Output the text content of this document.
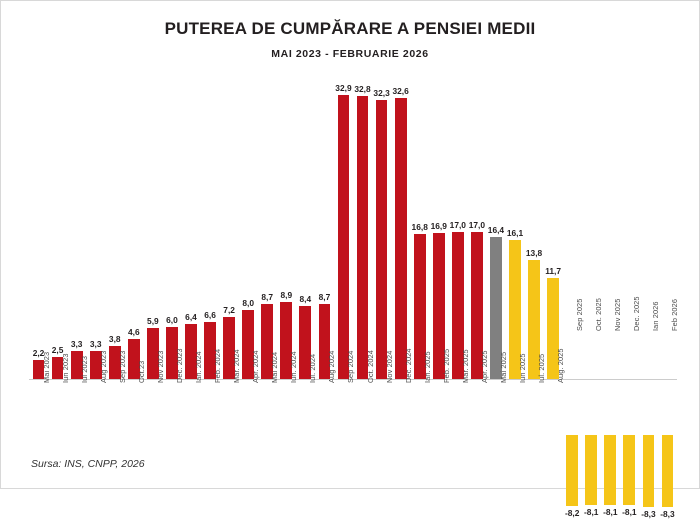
PUTEREA DE CUMPĂRARE A PENSIEI MEDII
MAI 2023 - FEBRUARIE 2026
2,2
Mai 2023
2,5
Iun 2023
3,3
Iul 2023
3,3
Aug 2023
3,8
Sep 2023
4,6
Oct.23
5,9
Nov 2023
6,0
Dec. 2023
6,4
Ian. 2024
6,6
Feb. 2024
7,2
Mar. 2024
8,0
Apr. 2024
8,7
Mai 2024
8,9
Iun. 2024
8,4
Iul. 2024
8,7
Aug 2024
32,9
Sep 2024
32,8
Oct. 2024
32,3
Nov 2024
32,6
Dec. 2024
16,8
Ian. 2025
16,9
Feb. 2025
17,0
Mar. 2025
17,0
Apr. 2025
16,4
Mai 2025
16,1
Iun 2025
13,8
Iul. 2025
11,7
Aug. 2025
-8,2
Sep 2025
-8,1
Oct. 2025
-8,1
Nov 2025
-8,1
Dec. 2025
-8,3
Ian 2026
-8,3
Feb 2026
Sursa: INS, CNPP, 2026
